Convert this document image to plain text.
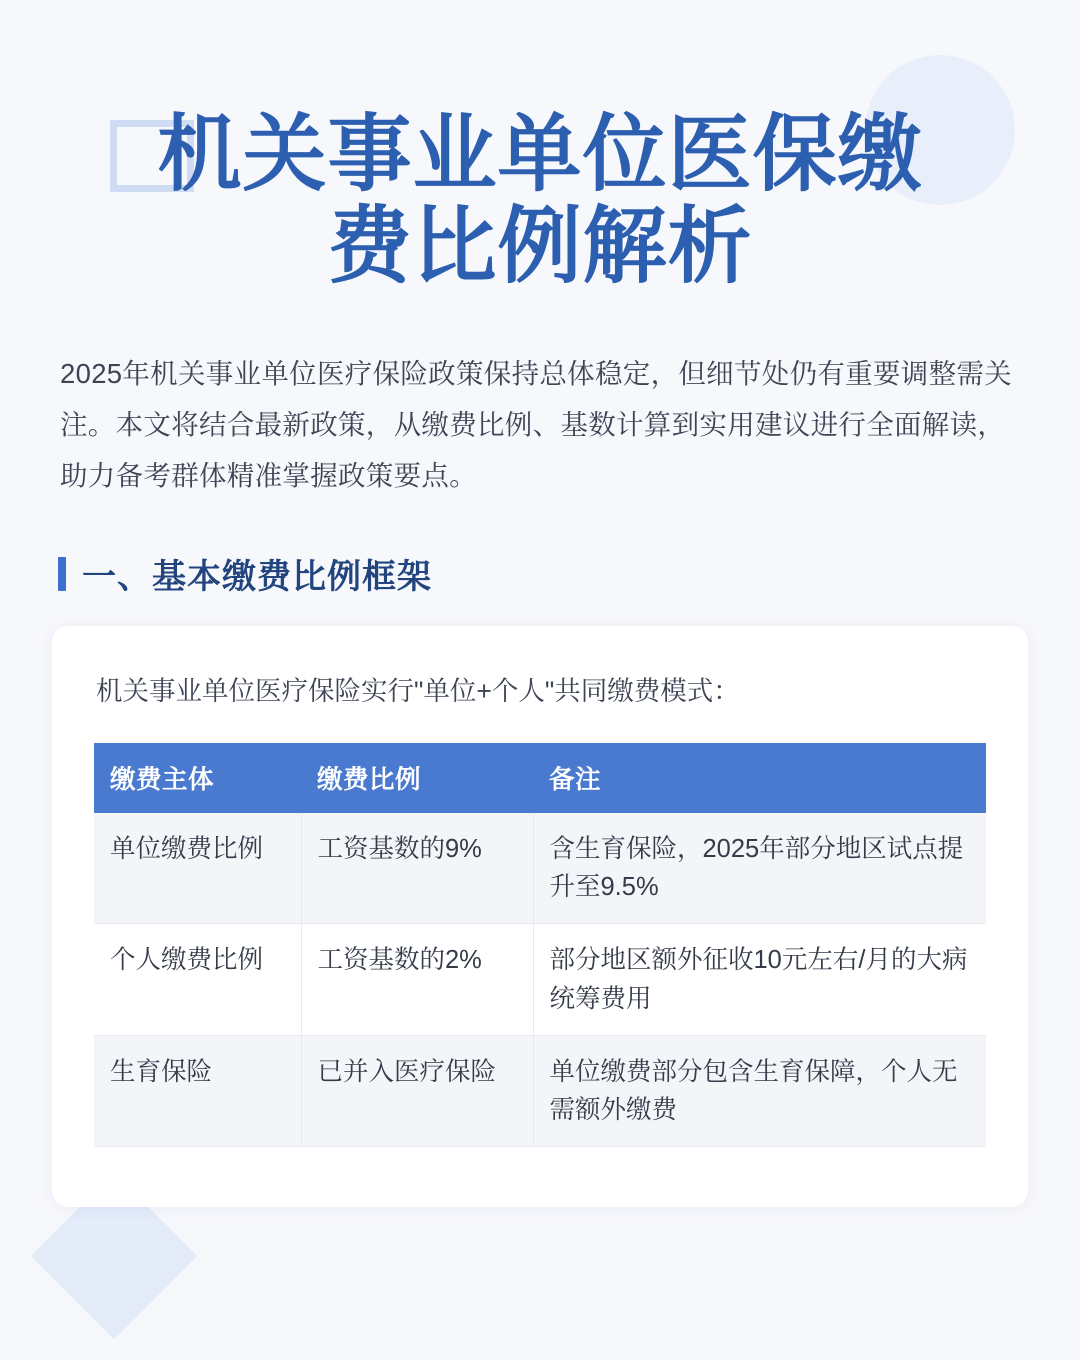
机关事业单位医保缴
费比例解析

2025年机关事业单位医疗保险政策保持总体稳定，但细节处仍有重要调整需关注。本文将结合最新政策，从缴费比例、基数计算到实用建议进行全面解读，助力备考群体精准掌握政策要点。

一、基本缴费比例框架

机关事业单位医疗保险实行"单位+个人"共同缴费模式：

缴费主体	缴费比例	备注
单位缴费比例	工资基数的9%	含生育保险，2025年部分地区试点提升至9.5%
个人缴费比例	工资基数的2%	部分地区额外征收10元左右/月的大病统筹费用
生育保险	已并入医疗保险	单位缴费部分包含生育保障，个人无需额外缴费
